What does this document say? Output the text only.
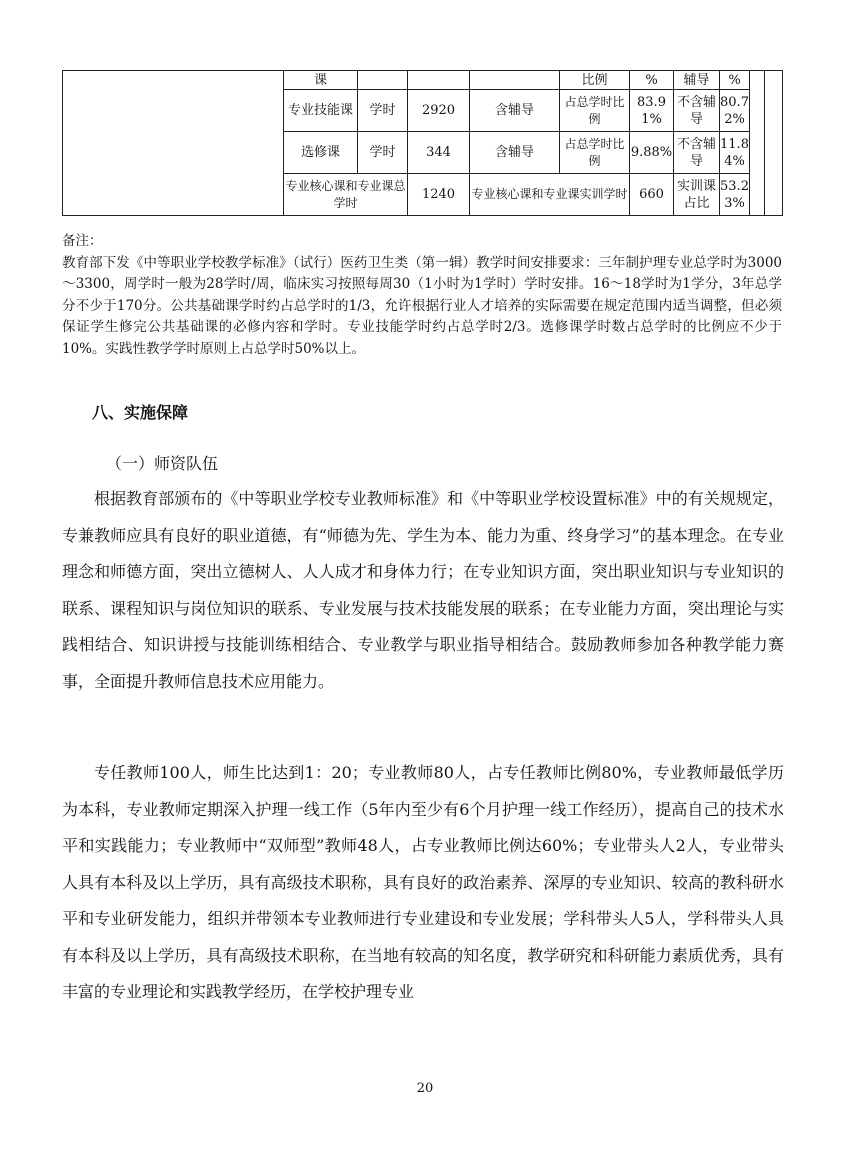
	课				比例	%	辅导	%		
	专业技能课	学时	2920	含辅导	占总学时比例	83.91%	不含辅导	80.72%		
	选修课	学时	344	含辅导	占总学时比例	9.88%	不含辅导	11.84%		
	专业核心课和专业课总学时		1240	专业核心课和专业课实训学时		660	实训课占比	53.23%		

备注：

教育部下发《中等职业学校教学标准》（试行）医药卫生类（第一辑）教学时间安排要求：三年制护理专业总学时为3000～3300，周学时一般为28学时/周，临床实习按照每周30（1小时为1学时）学时安排。16～18学时为1学分，3年总学分不少于170分。公共基础课学时约占总学时的1/3，允许根据行业人才培养的实际需要在规定范围内适当调整，但必须保证学生修完公共基础课的必修内容和学时。专业技能学时约占总学时2/3。选修课学时数占总学时的比例应不少于10%。实践性教学学时原则上占总学时50%以上。

八、实施保障
（一）师资队伍

根据教育部颁布的《中等职业学校专业教师标准》和《中等职业学校设置标准》中的有关规规定，专兼教师应具有良好的职业道德，有“师德为先、学生为本、能力为重、终身学习”的基本理念。在专业理念和师德方面，突出立德树人、人人成才和身体力行；在专业知识方面，突出职业知识与专业知识的联系、课程知识与岗位知识的联系、专业发展与技术技能发展的联系；在专业能力方面，突出理论与实践相结合、知识讲授与技能训练相结合、专业教学与职业指导相结合。鼓励教师参加各种教学能力赛事，全面提升教师信息技术应用能力。

专任教师100人，师生比达到1：20；专业教师80人，占专任教师比例80%，专业教师最低学历为本科，专业教师定期深入护理一线工作（5年内至少有6个月护理一线工作经历），提高自己的技术水平和实践能力；专业教师中“双师型”教师48人，占专业教师比例达60%；专业带头人2人，专业带头人具有本科及以上学历，具有高级技术职称，具有良好的政治素养、深厚的专业知识、较高的教科研水平和专业研发能力，组织并带领本专业教师进行专业建设和专业发展；学科带头人5人，学科带头人具有本科及以上学历，具有高级技术职称，在当地有较高的知名度，教学研究和科研能力素质优秀，具有丰富的专业理论和实践教学经历，在学校护理专业

20
